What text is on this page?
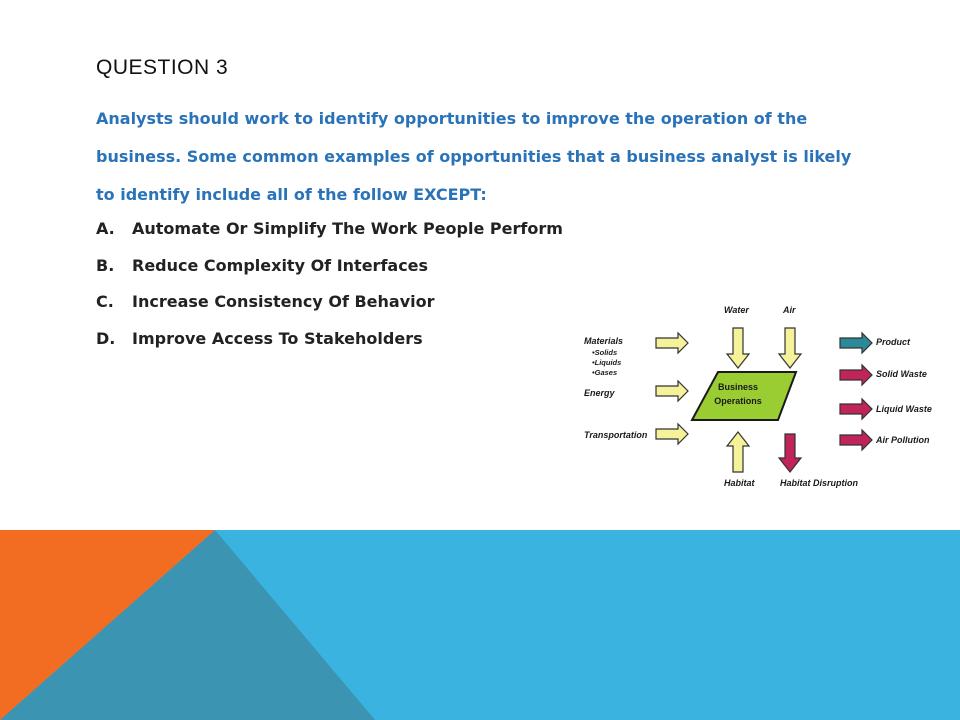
QUESTION 3
Analysts should work to identify opportunities to improve the operation of the business. Some common examples of opportunities that a business analyst is likely to identify include all of the follow EXCEPT:
A.	Automate Or Simplify The Work People Perform
B.	Reduce Complexity Of Interfaces
C.	Increase Consistency Of Behavior
D.	Improve Access To Stakeholders
Business
Operations
Materials
•Solids
•Liquids
•Gases
Energy
Transportation
Water	Air
Habitat	Habitat Disruption
Product
Solid Waste
Liquid Waste
Air Pollution
